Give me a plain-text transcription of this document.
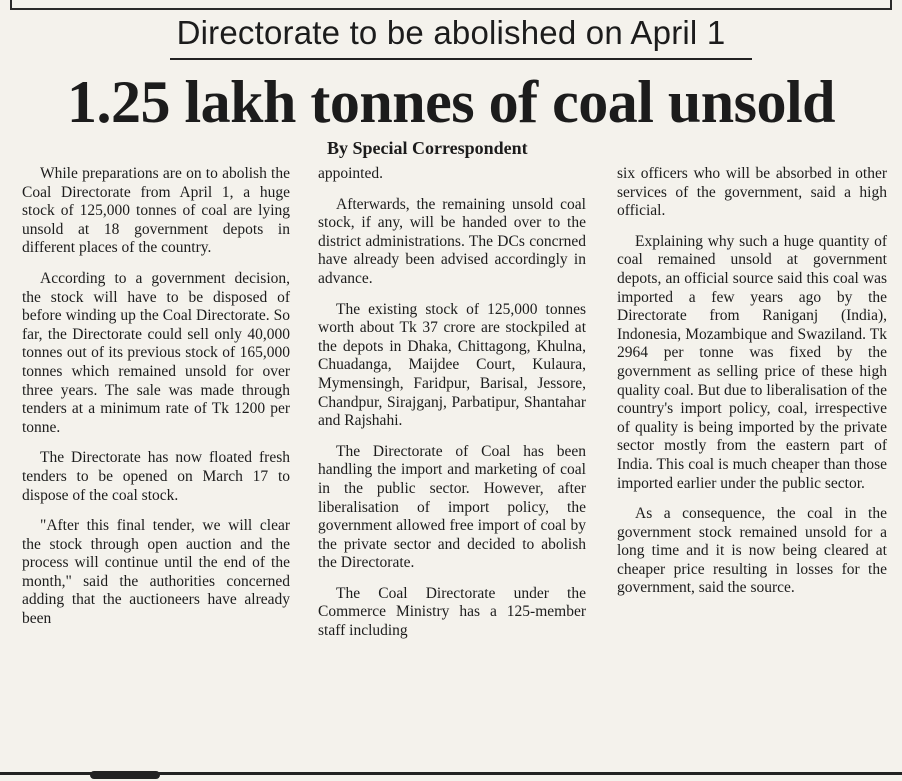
Directorate to be abolished on April 1
1.25 lakh tonnes of coal unsold
By Special Correspondent

While preparations are on to abolish the Coal Directorate from April 1, a huge stock of 125,000 tonnes of coal are lying unsold at 18 government depots in different places of the country.

According to a government decision, the stock will have to be disposed of before winding up the Coal Directorate. So far, the Directorate could sell only 40,000 tonnes out of its previous stock of 165,000 tonnes which remained unsold for over three years. The sale was made through tenders at a minimum rate of Tk 1200 per tonne.

The Directorate has now floated fresh tenders to be opened on March 17 to dispose of the coal stock.

"After this final tender, we will clear the stock through open auction and the process will continue until the end of the month," said the authorities concerned adding that the auctioneers have already been

appointed.

Afterwards, the remaining unsold coal stock, if any, will be handed over to the district administrations. The DCs concrned have already been advised accordingly in advance.

The existing stock of 125,000 tonnes worth about Tk 37 crore are stockpiled at the depots in Dhaka, Chittagong, Khulna, Chuadanga, Maijdee Court, Kulaura, Mymensingh, Faridpur, Barisal, Jessore, Chandpur, Sirajganj, Parbatipur, Shantahar and Rajshahi.

The Directorate of Coal has been handling the import and marketing of coal in the public sector. However, after liberalisation of import policy, the government allowed free import of coal by the private sector and decided to abolish the Directorate.

The Coal Directorate under the Commerce Ministry has a 125-member staff including

six officers who will be absorbed in other services of the government, said a high official.

Explaining why such a huge quantity of coal remained unsold at government depots, an official source said this coal was imported a few years ago by the Directorate from Raniganj (India), Indonesia, Mozambique and Swaziland. Tk 2964 per tonne was fixed by the government as selling price of these high quality coal. But due to liberalisation of the country's import policy, coal, irrespective of quality is being imported by the private sector mostly from the eastern part of India. This coal is much cheaper than those imported earlier under the public sector.

As a consequence, the coal in the government stock remained unsold for a long time and it is now being cleared at cheaper price resulting in losses for the government, said the source.
